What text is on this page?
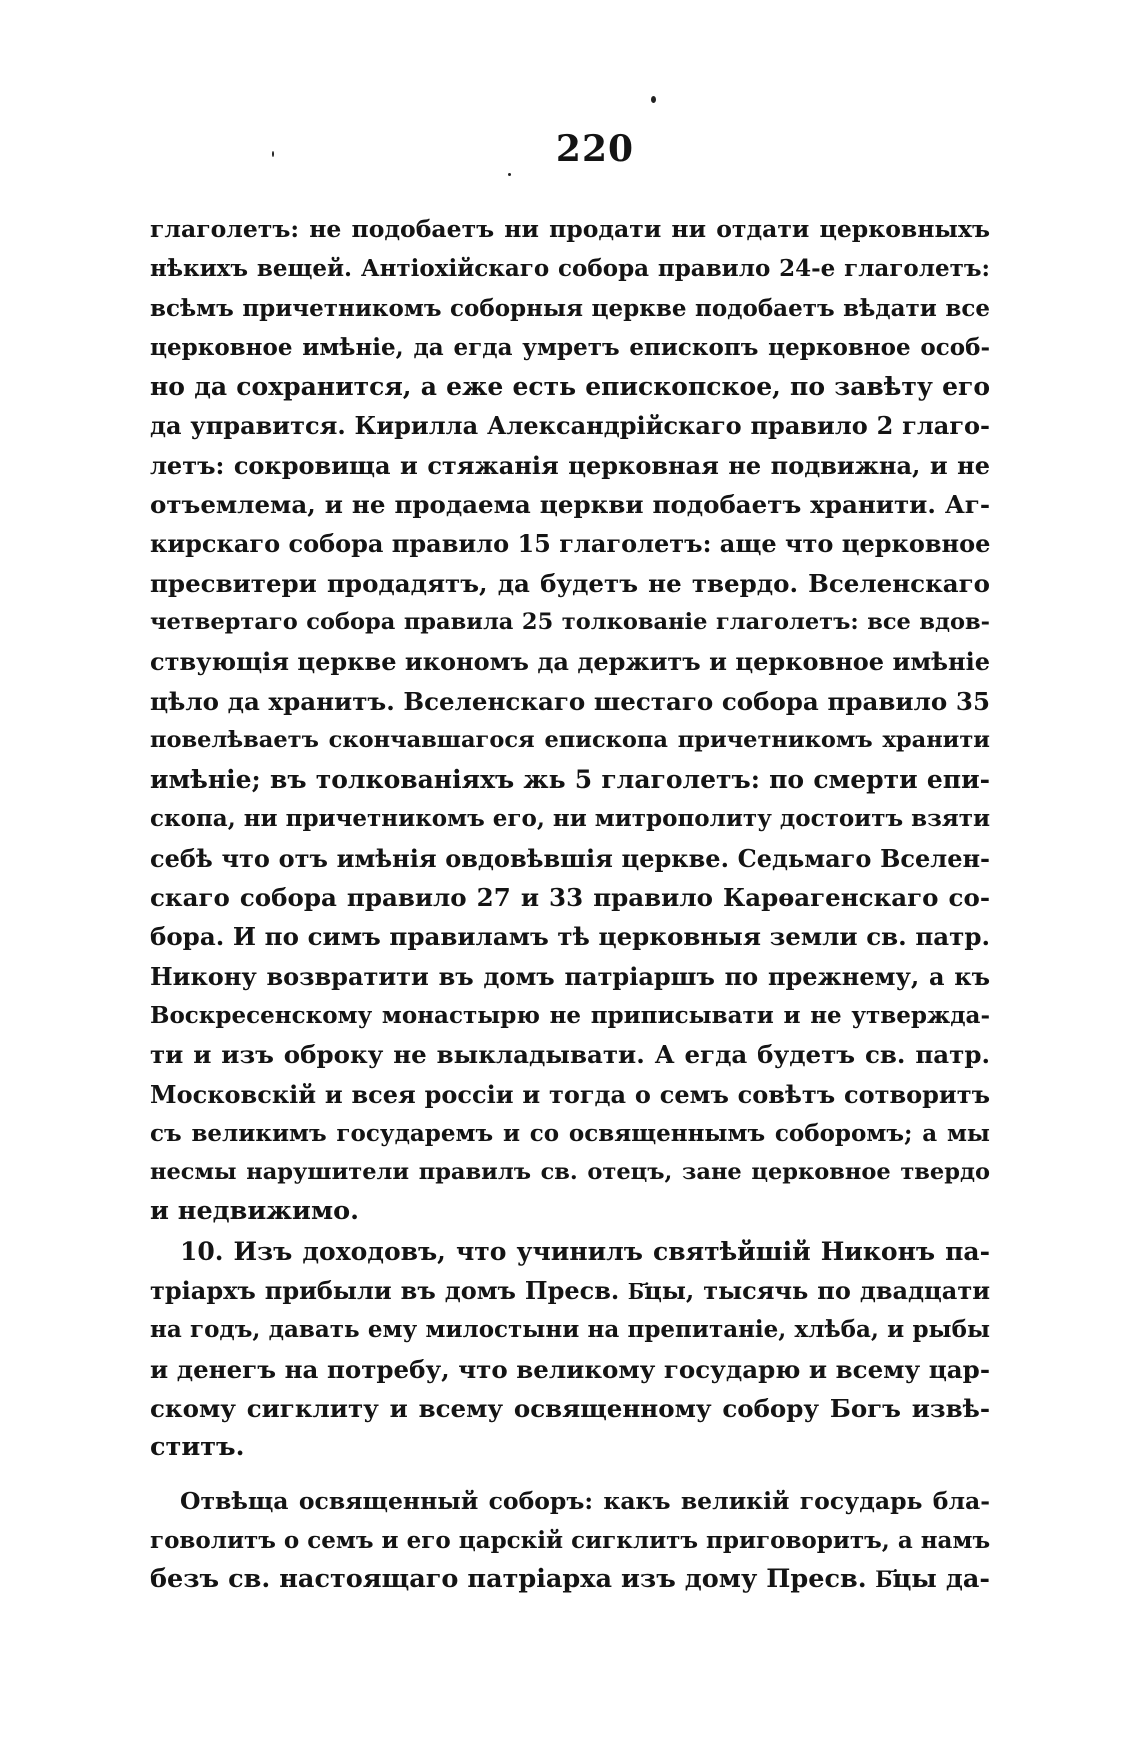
220
глаголетъ: не подобаетъ ни продати ни отдати церковныхъ
нѣкихъ вещей. Антіохійскаго собора правило 24-е глаголетъ:
всѣмъ причетникомъ соборныя церкве подобаетъ вѣдати все
церковное имѣніе, да егда умретъ епископъ церковное особ-
но да сохранится, а еже есть епископское, по завѣту его
да управится. Кирилла Александрійскаго правило 2 глаго-
летъ: сокровища и стяжанія церковная не подвижна, и не
отъемлема, и не продаема церкви подобаетъ хранити. Аг-
кирскаго собора правило 15 глаголетъ: аще что церковное
пресвитери продадятъ, да будетъ не твердо. Вселенскаго
четвертаго собора правила 25 толкованіе глаголетъ: все вдов-
ствующія церкве икономъ да держитъ и церковное имѣніе
цѣло да хранитъ. Вселенскаго шестаго собора правило 35
повелѣваетъ скончавшагося епископа причетникомъ хранити
имѣніе; въ толкованіяхъ жь 5 глаголетъ: по смерти епи-
скопа, ни причетникомъ его, ни митрополиту достоитъ взяти
себѣ что отъ имѣнія овдовѣвшія церкве. Седьмаго Вселен-
скаго собора правило 27 и 33 правило Карѳагенскаго со-
бора. И по симъ правиламъ тѣ церковныя земли св. патр.
Никону возвратити въ домъ патріаршъ по прежнему, а къ
Воскресенскому монастырю не приписывати и не утвержда-
ти и изъ оброку не выкладывати. А егда будетъ св. патр.
Московскій и всея россіи и тогда о семъ совѣтъ сотворитъ
съ великимъ государемъ и со освященнымъ соборомъ; а мы
несмы нарушители правилъ св. отецъ, зане церковное твердо
и недвижимо.
10. Изъ доходовъ, что учинилъ святѣйшій Никонъ па-
тріархъ прибыли въ домъ Пресв. Б҃цы, тысячь по двадцати
на годъ, давать ему милостыни на препитаніе, хлѣба, и рыбы
и денегъ на потребу, что великому государю и всему цар-
скому сигклиту и всему освященному собору Богъ извѣ-
ститъ.
Отвѣща освященный соборъ: какъ великій государь бла-
говолитъ о семъ и его царскій сигклитъ приговоритъ, а намъ
безъ св. настоящаго патріарха изъ дому Пресв. Б҃цы да-
